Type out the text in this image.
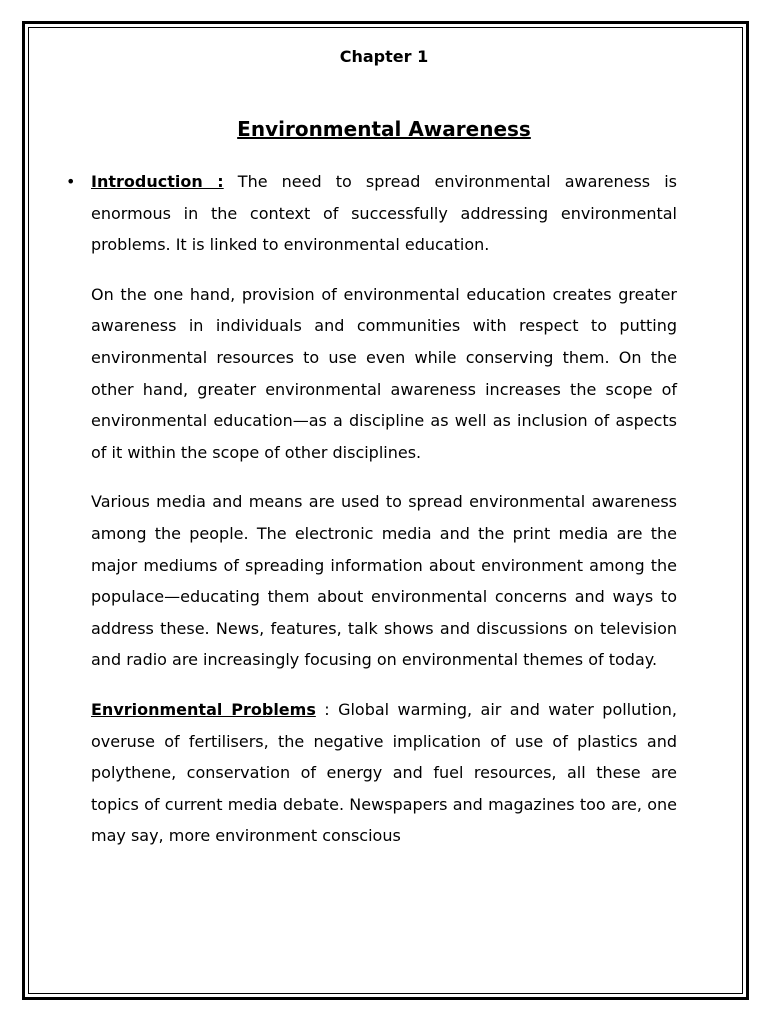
Chapter 1
Environmental Awareness

• Introduction : The need to spread environmental awareness is enormous in the context of successfully addressing environmental problems. It is linked to environmental education.

On the one hand, provision of environmental education creates greater awareness in individuals and communities with respect to putting environmental resources to use even while conserving them. On the other hand, greater environmental awareness increases the scope of environmental education—as a discipline as well as inclusion of aspects of it within the scope of other disciplines.

Various media and means are used to spread environmental awareness among the people. The electronic media and the print media are the major mediums of spreading information about environment among the populace—educating them about environmental concerns and ways to address these. News, features, talk shows and discussions on television and radio are increasingly focusing on environmental themes of today.

Envrionmental Problems : Global warming, air and water pollution, overuse of fertilisers, the negative implication of use of plastics and polythene, conservation of energy and fuel resources, all these are topics of current media debate. Newspapers and magazines too are, one may say, more environment conscious
